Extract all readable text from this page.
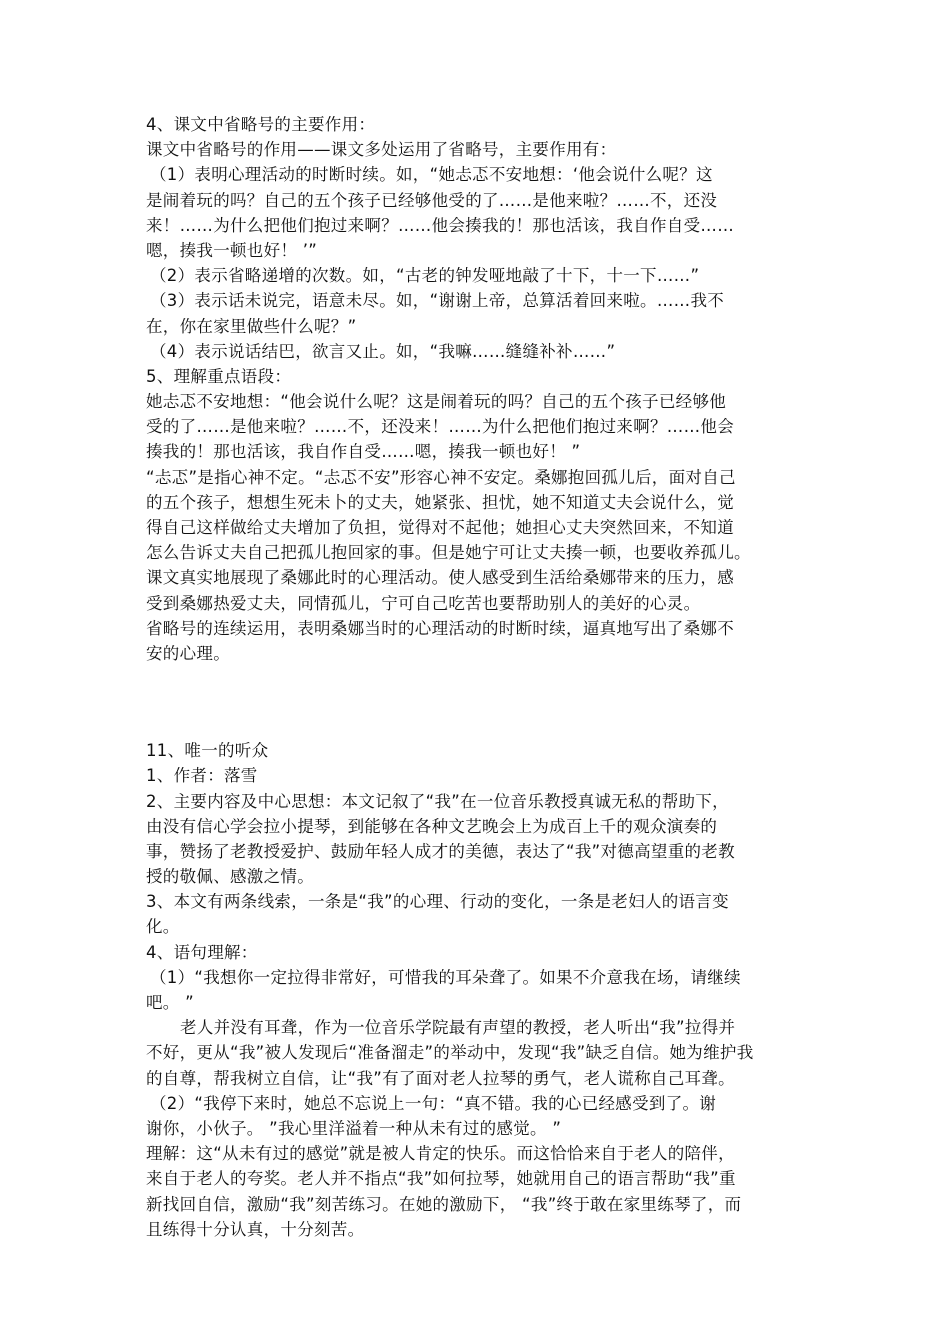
4、课文中省略号的主要作用：
课文中省略号的作用——课文多处运用了省略号，主要作用有：
（1）表明心理活动的时断时续。如，“她忐忑不安地想：‘他会说什么呢？这
是闹着玩的吗？自己的五个孩子已经够他受的了……是他来啦？……不，还没
来！……为什么把他们抱过来啊？……他会揍我的！那也活该，我自作自受……
嗯，揍我一顿也好！ ’”
（2）表示省略递增的次数。如，“古老的钟发哑地敲了十下，十一下……”
（3）表示话未说完，语意未尽。如，“谢谢上帝，总算活着回来啦。……我不
在，你在家里做些什么呢？”
（4）表示说话结巴，欲言又止。如，“我嘛……缝缝补补……”
5、理解重点语段：
她忐忑不安地想：“他会说什么呢？这是闹着玩的吗？自己的五个孩子已经够他
受的了……是他来啦？……不，还没来！……为什么把他们抱过来啊？……他会
揍我的！那也活该，我自作自受……嗯，揍我一顿也好！ ”
“忐忑”是指心神不定。“忐忑不安”形容心神不安定。桑娜抱回孤儿后，面对自己
的五个孩子，想想生死未卜的丈夫，她紧张、担忧，她不知道丈夫会说什么，觉
得自己这样做给丈夫增加了负担，觉得对不起他；她担心丈夫突然回来，不知道
怎么告诉丈夫自己把孤儿抱回家的事。但是她宁可让丈夫揍一顿，也要收养孤儿。
课文真实地展现了桑娜此时的心理活动。使人感受到生活给桑娜带来的压力，感
受到桑娜热爱丈夫，同情孤儿，宁可自己吃苦也要帮助别人的美好的心灵。
省略号的连续运用，表明桑娜当时的心理活动的时断时续，逼真地写出了桑娜不
安的心理。
11、唯一的听众
1、作者：落雪
2、主要内容及中心思想：本文记叙了“我”在一位音乐教授真诚无私的帮助下，
由没有信心学会拉小提琴，到能够在各种文艺晚会上为成百上千的观众演奏的
事，赞扬了老教授爱护、鼓励年轻人成才的美德，表达了“我”对德高望重的老教
授的敬佩、感激之情。
3、本文有两条线索，一条是“我”的心理、行动的变化，一条是老妇人的语言变
化。
4、语句理解：
（1）“我想你一定拉得非常好，可惜我的耳朵聋了。如果不介意我在场，请继续
吧。 ”
老人并没有耳聋，作为一位音乐学院最有声望的教授，老人听出“我”拉得并
不好，更从“我”被人发现后“准备溜走”的举动中，发现“我”缺乏自信。她为维护我
的自尊，帮我树立自信，让“我”有了面对老人拉琴的勇气，老人谎称自己耳聋。
（2）“我停下来时，她总不忘说上一句：“真不错。我的心已经感受到了。谢
谢你，小伙子。 ”我心里洋溢着一种从未有过的感觉。 ”
理解：这“从未有过的感觉”就是被人肯定的快乐。而这恰恰来自于老人的陪伴，
来自于老人的夸奖。老人并不指点“我”如何拉琴，她就用自己的语言帮助“我”重
新找回自信，激励“我”刻苦练习。在她的激励下， “我”终于敢在家里练琴了，而
且练得十分认真，十分刻苦。
